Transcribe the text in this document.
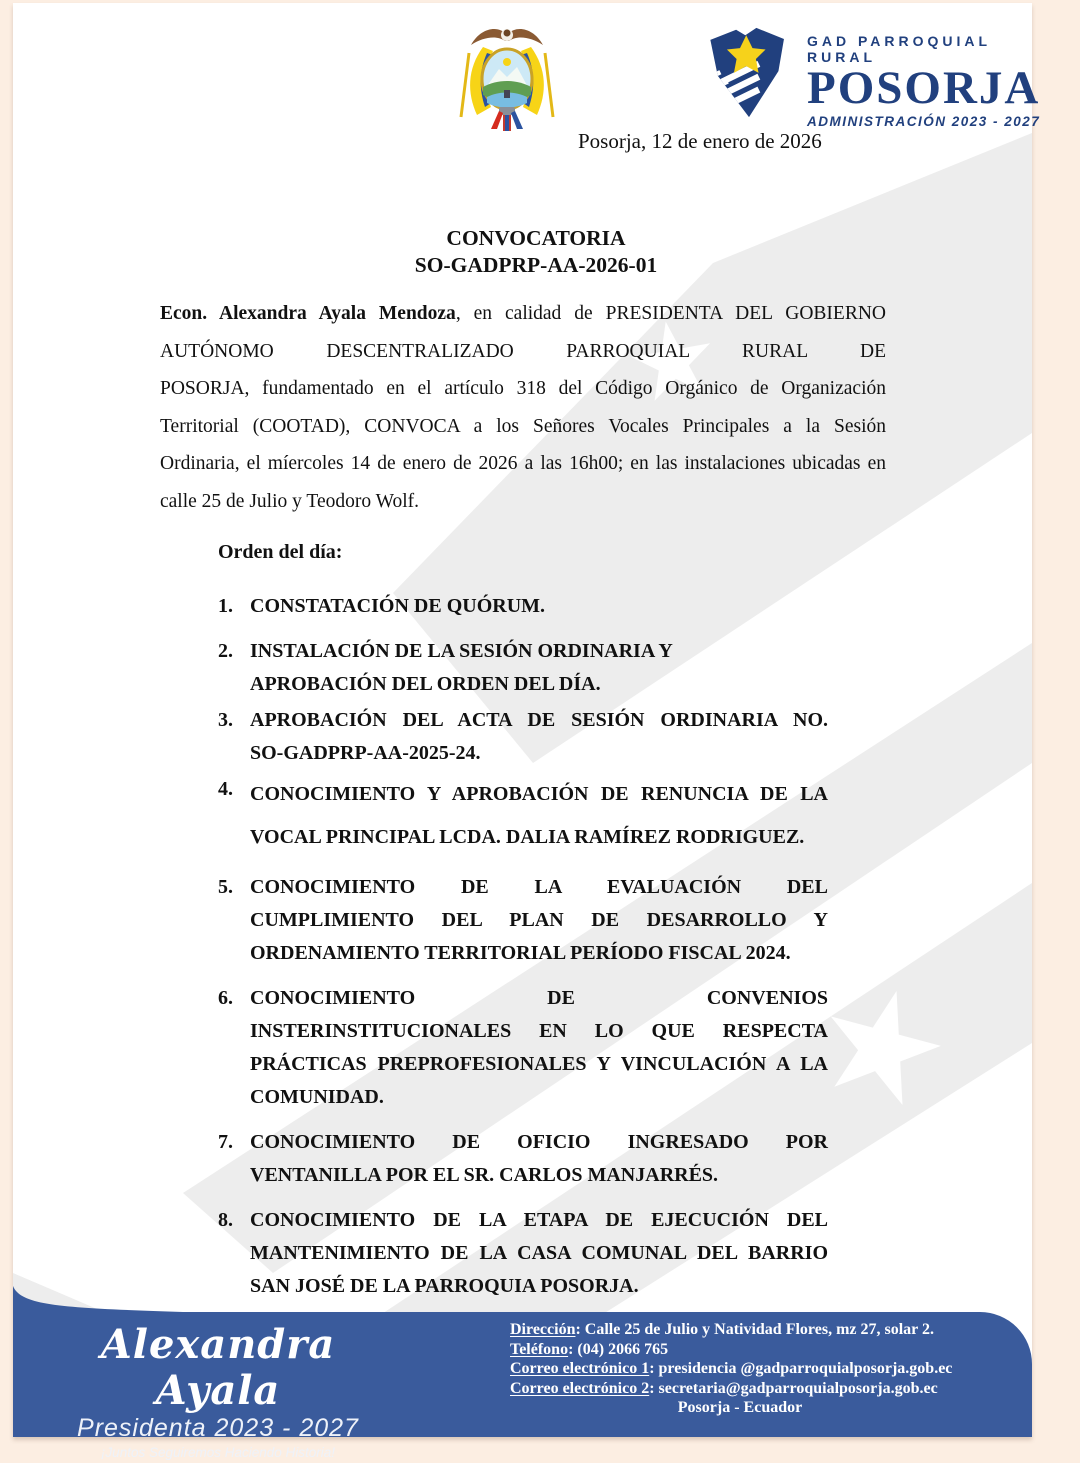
GAD PARROQUIAL RURAL
POSORJA
ADMINISTRACIÓN 2023 - 2027
Posorja, 12 de enero de 2026
CONVOCATORIA
SO-GADPRP-AA-2026-01
Econ. Alexandra Ayala Mendoza, en calidad de PRESIDENTA DEL GOBIERNO
AUTÓNOMO DESCENTRALIZADO PARROQUIAL RURAL DE
POSORJA, fundamentado en el artículo 318 del Código Orgánico de Organización
Territorial (COOTAD), CONVOCA a los Señores Vocales Principales a la Sesión
Ordinaria, el míercoles 14 de enero de 2026 a las 16h00; en las instalaciones ubicadas en
calle 25 de Julio y Teodoro Wolf.
Orden del día:
1. CONSTATACIÓN DE QUÓRUM.
2. INSTALACIÓN DE LA SESIÓN ORDINARIA Y
APROBACIÓN DEL ORDEN DEL DÍA.
3. APROBACIÓN DEL ACTA DE SESIÓN ORDINARIA NO.
SO-GADPRP-AA-2025-24.
4. CONOCIMIENTO Y APROBACIÓN DE RENUNCIA DE LA
VOCAL PRINCIPAL LCDA. DALIA RAMÍREZ RODRIGUEZ.
5. CONOCIMIENTO DE LA EVALUACIÓN DEL
CUMPLIMIENTO DEL PLAN DE DESARROLLO Y
ORDENAMIENTO TERRITORIAL PERÍODO FISCAL 2024.
6. CONOCIMIENTO DE CONVENIOS
INSTERINSTITUCIONALES EN LO QUE RESPECTA
PRÁCTICAS PREPROFESIONALES Y VINCULACIÓN A LA
COMUNIDAD.
7. CONOCIMIENTO DE OFICIO INGRESADO POR
VENTANILLA POR EL SR. CARLOS MANJARRÉS.
8. CONOCIMIENTO DE LA ETAPA DE EJECUCIÓN DEL
MANTENIMIENTO DE LA CASA COMUNAL DEL BARRIO
SAN JOSÉ DE LA PARROQUIA POSORJA.
Alexandra Ayala
Presidenta 2023 - 2027
¡Juntos Seguiremos Haciendo Historia!
Dirección: Calle 25 de Julio y Natividad Flores, mz 27, solar 2.
Teléfono: (04) 2066 765
Correo electrónico 1: presidencia @gadparroquialposorja.gob.ec
Correo electrónico 2: secretaria@gadparroquialposorja.gob.ec
Posorja - Ecuador
